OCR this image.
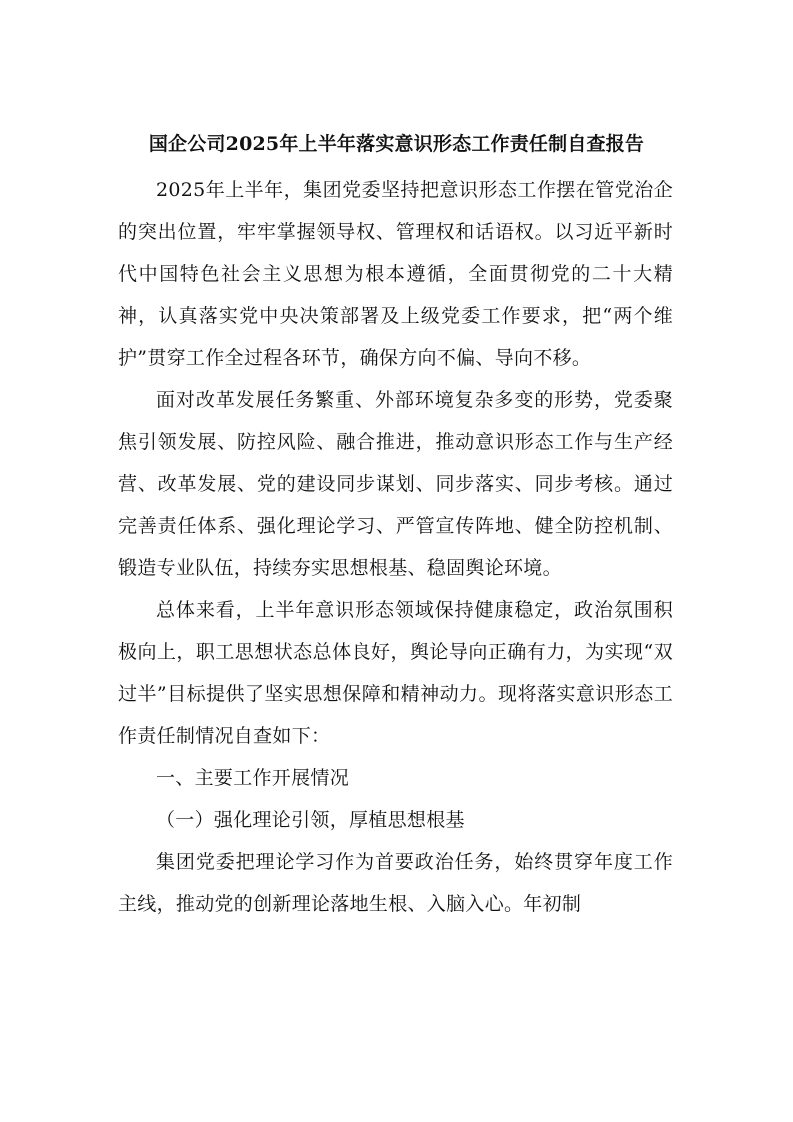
国企公司2025年上半年落实意识形态工作责任制自查报告

2025年上半年，集团党委坚持把意识形态工作摆在管党治企的突出位置，牢牢掌握领导权、管理权和话语权。以习近平新时代中国特色社会主义思想为根本遵循，全面贯彻党的二十大精神，认真落实党中央决策部署及上级党委工作要求，把“两个维护”贯穿工作全过程各环节，确保方向不偏、导向不移。

面对改革发展任务繁重、外部环境复杂多变的形势，党委聚焦引领发展、防控风险、融合推进，推动意识形态工作与生产经营、改革发展、党的建设同步谋划、同步落实、同步考核。通过完善责任体系、强化理论学习、严管宣传阵地、健全防控机制、锻造专业队伍，持续夯实思想根基、稳固舆论环境。

总体来看，上半年意识形态领域保持健康稳定，政治氛围积极向上，职工思想状态总体良好，舆论导向正确有力，为实现“双过半”目标提供了坚实思想保障和精神动力。现将落实意识形态工作责任制情况自查如下：

一、主要工作开展情况

（一）强化理论引领，厚植思想根基

集团党委把理论学习作为首要政治任务，始终贯穿年度工作主线，推动党的创新理论落地生根、入脑入心。年初制
